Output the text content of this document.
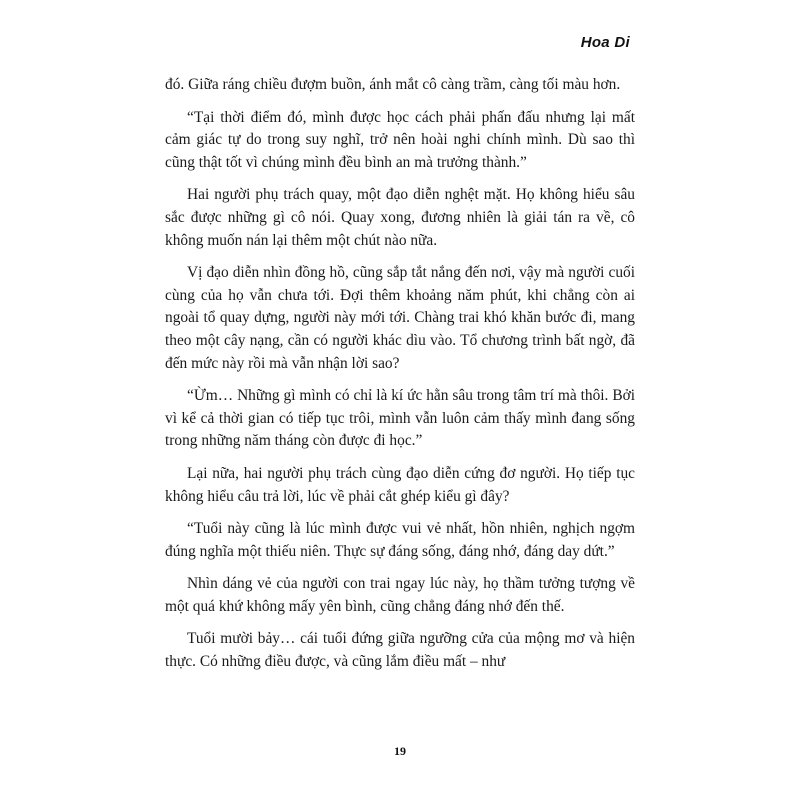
Hoa Di

đó. Giữa ráng chiều đượm buồn, ánh mắt cô càng trầm, càng tối màu hơn.

“Tại thời điểm đó, mình được học cách phải phấn đấu nhưng lại mất cảm giác tự do trong suy nghĩ, trở nên hoài nghi chính mình. Dù sao thì cũng thật tốt vì chúng mình đều bình an mà trưởng thành.”

Hai người phụ trách quay, một đạo diễn nghệt mặt. Họ không hiểu sâu sắc được những gì cô nói. Quay xong, đương nhiên là giải tán ra về, cô không muốn nán lại thêm một chút nào nữa.

Vị đạo diễn nhìn đồng hồ, cũng sắp tắt nắng đến nơi, vậy mà người cuối cùng của họ vẫn chưa tới. Đợi thêm khoảng năm phút, khi chẳng còn ai ngoài tổ quay dựng, người này mới tới. Chàng trai khó khăn bước đi, mang theo một cây nạng, cần có người khác dìu vào. Tổ chương trình bất ngờ, đã đến mức này rồi mà vẫn nhận lời sao?

“Ừm… Những gì mình có chỉ là kí ức hằn sâu trong tâm trí mà thôi. Bởi vì kể cả thời gian có tiếp tục trôi, mình vẫn luôn cảm thấy mình đang sống trong những năm tháng còn được đi học.”

Lại nữa, hai người phụ trách cùng đạo diễn cứng đơ người. Họ tiếp tục không hiểu câu trả lời, lúc về phải cắt ghép kiểu gì đây?

“Tuổi này cũng là lúc mình được vui vẻ nhất, hồn nhiên, nghịch ngợm đúng nghĩa một thiếu niên. Thực sự đáng sống, đáng nhớ, đáng day dứt.”

Nhìn dáng vẻ của người con trai ngay lúc này, họ thầm tưởng tượng về một quá khứ không mấy yên bình, cũng chẳng đáng nhớ đến thế.

Tuổi mười bảy… cái tuổi đứng giữa ngưỡng cửa của mộng mơ và hiện thực. Có những điều được, và cũng lắm điều mất – như

19
